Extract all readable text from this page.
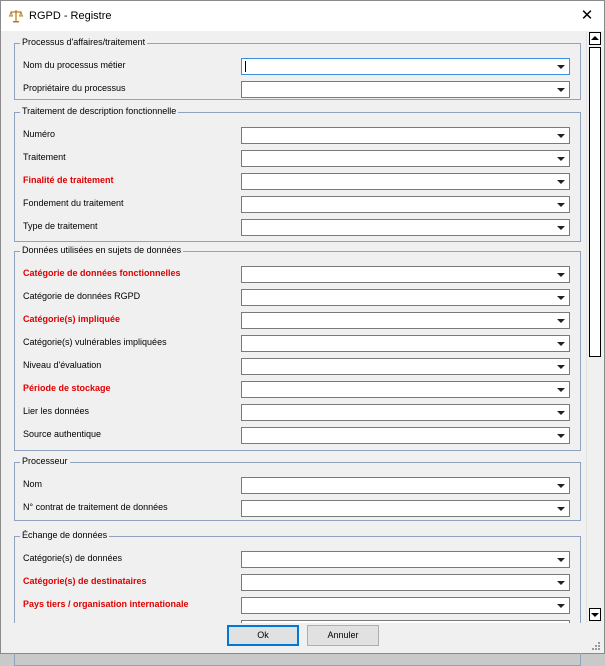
RGPD - Registre	✕
Processus d'affaires/traitement
Nom du processus métier
Propriétaire du processus
Traitement de description fonctionnelle
Numéro
Traitement
Finalité de traitement
Fondement du traitement
Type de traitement
Données utilisées en sujets de données
Catégorie de données fonctionnelles
Catégorie de données RGPD
Catégorie(s) impliquée
Catégorie(s) vulnérables impliquées
Niveau d'évaluation
Période de stockage
Lier les données
Source authentique
Processeur
Nom
N° contrat de traitement de données
Échange de données
Catégorie(s) de données
Catégorie(s) de destinataires
Pays tiers / organisation internationale
Ok	Annuler
